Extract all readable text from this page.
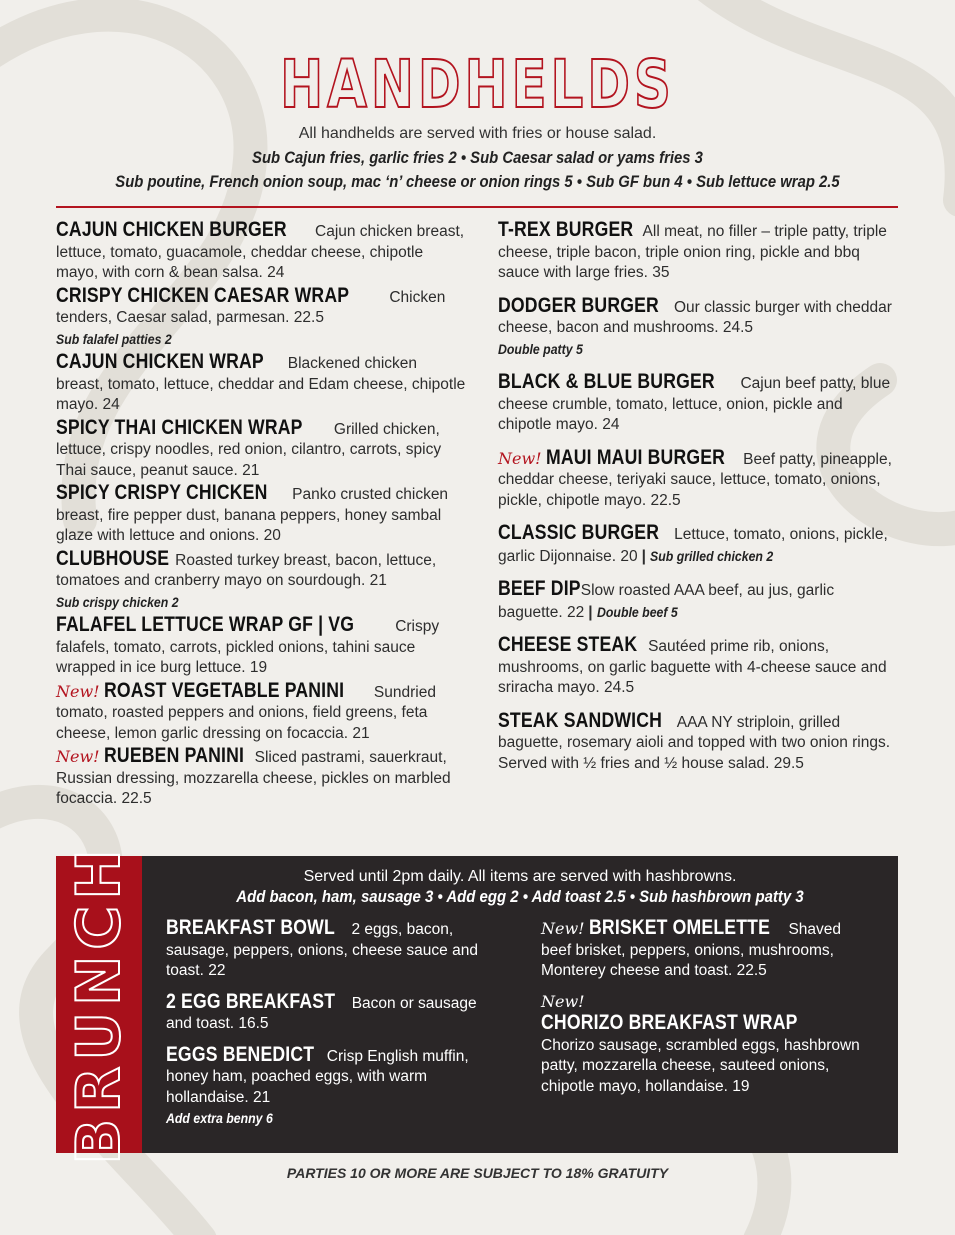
HANDHELDS
All handhelds are served with fries or house salad.
Sub Cajun fries, garlic fries 2 • Sub Caesar salad or yams fries 3
Sub poutine, French onion soup, mac ‘n’ cheese or onion rings 5 • Sub GF bun 4 • Sub lettuce wrap 2.5
CAJUN CHICKEN BURGER Cajun chicken breast, lettuce, tomato, guacamole, cheddar cheese, chipotle mayo, with corn & bean salsa. 24
CRISPY CHICKEN CAESAR WRAP	Chicken tenders, Caesar salad, parmesan. 22.5
Sub falafel patties 2
CAJUN CHICKEN WRAP Blackened chicken breast, tomato, lettuce, cheddar and Edam cheese, chipotle mayo. 24
SPICY THAI CHICKEN WRAP Grilled chicken, lettuce, crispy noodles, red onion, cilantro, carrots, spicy Thai sauce, peanut sauce. 21
SPICY CRISPY CHICKEN Panko crusted chicken breast, fire pepper dust, banana peppers, honey sambal glaze with lettuce and onions. 20
CLUBHOUSE Roasted turkey breast, bacon, lettuce, tomatoes and cranberry mayo on sourdough. 21
Sub crispy chicken 2
FALAFEL LETTUCE WRAP GF | VG	Crispy falafels, tomato, carrots, pickled onions, tahini sauce wrapped in ice burg lettuce. 19
New! ROAST VEGETABLE PANINI Sundried tomato, roasted peppers and onions, field greens, feta cheese, lemon garlic dressing on focaccia. 21
New! RUEBEN PANINI Sliced pastrami, sauerkraut, Russian dressing, mozzarella cheese, pickles on marbled focaccia. 22.5
T-REX BURGER All meat, no filler – triple patty, triple cheese, triple bacon, triple onion ring, pickle and bbq sauce with large fries. 35
DODGER BURGER Our classic burger with cheddar cheese, bacon and mushrooms. 24.5
Double patty 5
BLACK & BLUE BURGER Cajun beef patty, blue cheese crumble, tomato, lettuce, onion, pickle and chipotle mayo. 24
New! MAUI MAUI BURGER Beef patty, pineapple, cheddar cheese, teriyaki sauce, lettuce, tomato, onions, pickle, chipotle mayo. 22.5
CLASSIC BURGER Lettuce, tomato, onions, pickle, garlic Dijonnaise. 20 | Sub grilled chicken 2
BEEF DIP Slow roasted AAA beef, au jus, garlic baguette. 22 | Double beef 5
CHEESE STEAK Sautéed prime rib, onions, mushrooms, on garlic baguette with 4-cheese sauce and sriracha mayo. 24.5
STEAK SANDWICH AAA NY striploin, grilled baguette, rosemary aioli and topped with two onion rings. Served with ½ fries and ½ house salad. 29.5
BRUNCH	Served until 2pm daily. All items are served with hashbrowns.
Add bacon, ham, sausage 3 • Add egg 2 • Add toast 2.5 • Sub hashbrown patty 3
BREAKFAST BOWL 2 eggs, bacon, sausage, peppers, onions, cheese sauce and toast. 22
2 EGG BREAKFAST Bacon or sausage and toast. 16.5
EGGS BENEDICT Crisp English muffin, honey ham, poached eggs, with warm hollandaise. 21
Add extra benny 6
New! BRISKET OMELETTE Shaved beef brisket, peppers, onions, mushrooms, Monterey cheese and toast. 22.5
New!CHORIZO BREAKFAST WRAP Chorizo sausage, scrambled eggs, hashbrown patty, mozzarella cheese, sauteed onions, chipotle mayo, hollandaise. 19
PARTIES 10 OR MORE ARE SUBJECT TO 18% GRATUITY
